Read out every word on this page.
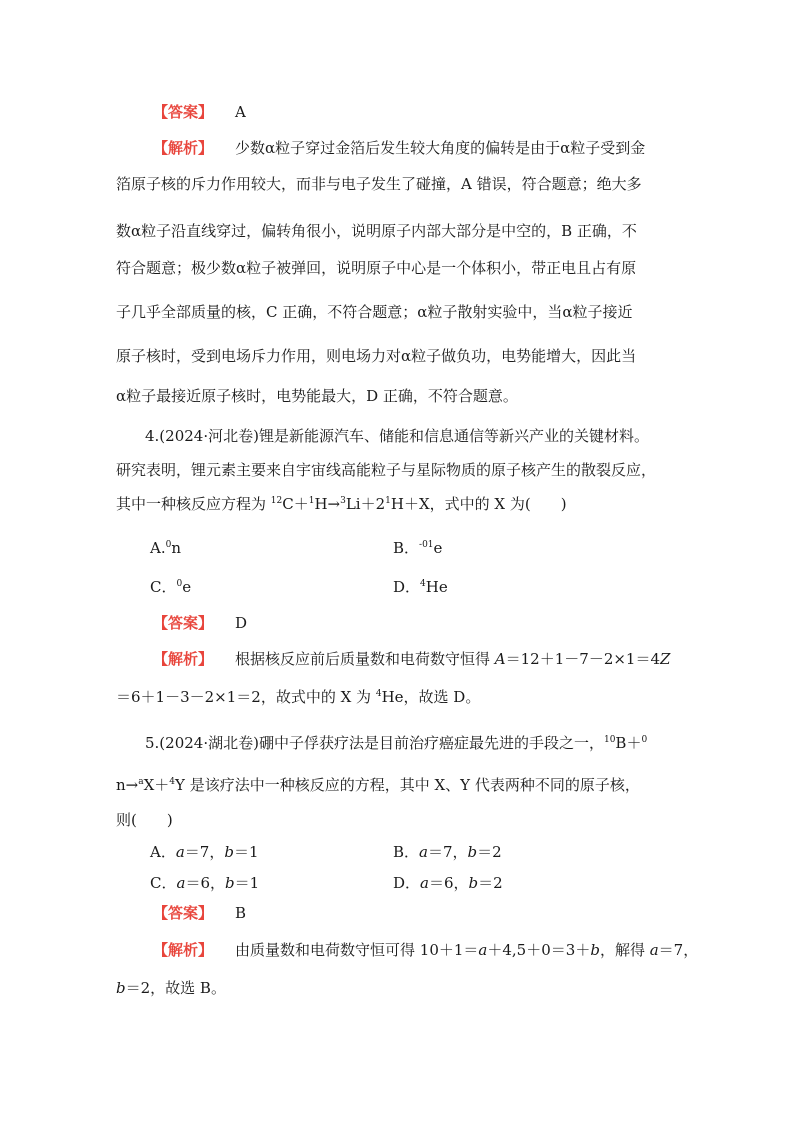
【答案】 A
【解析】 少数α粒子穿过金箔后发生较大角度的偏转是由于α粒子受到金
箔原子核的斥力作用较大，而非与电子发生了碰撞，A 错误，符合题意；绝大多
数α粒子沿直线穿过，偏转角很小，说明原子内部大部分是中空的，B 正确，不
符合题意；极少数α粒子被弹回，说明原子中心是一个体积小，带正电且占有原
子几乎全部质量的核，C 正确，不符合题意；α粒子散射实验中，当α粒子接近
原子核时，受到电场斥力作用，则电场力对α粒子做负功，电势能增大，因此当
α粒子最接近原子核时，电势能最大，D 正确，不符合题意。
4.(2024·河北卷)锂是新能源汽车、储能和信息通信等新兴产业的关键材料。
研究表明，锂元素主要来自宇宙线高能粒子与星际物质的原子核产生的散裂反应，
其中一种核反应方程为 $^{12}C+^1H\to^3Li+2^1H+X$，式中的 X 为(　　)
A.$^0$n	B．$^{-01}$e
C．$^0$e	D．$^4$He
【答案】 D
【解析】 根据核反应前后质量数和电荷数守恒得 A＝12＋1－7－2×1＝4Z
＝6＋1－3－2×1＝2，故式中的 X 为 $^4$He，故选 D。
5.(2024·湖北卷)硼中子俘获疗法是目前治疗癌症最先进的手段之一，$^{10}$B＋$^0$
n→$^a$X＋$^4$Y 是该疗法中一种核反应的方程，其中 X、Y 代表两种不同的原子核，
则(　　)
A．a＝7，b＝1	B．a＝7，b＝2
C．a＝6，b＝1	D．a＝6，b＝2
【答案】 B
【解析】 由质量数和电荷数守恒可得 10＋1＝a＋4,5＋0＝3＋b，解得 a＝7，
b＝2，故选 B。
